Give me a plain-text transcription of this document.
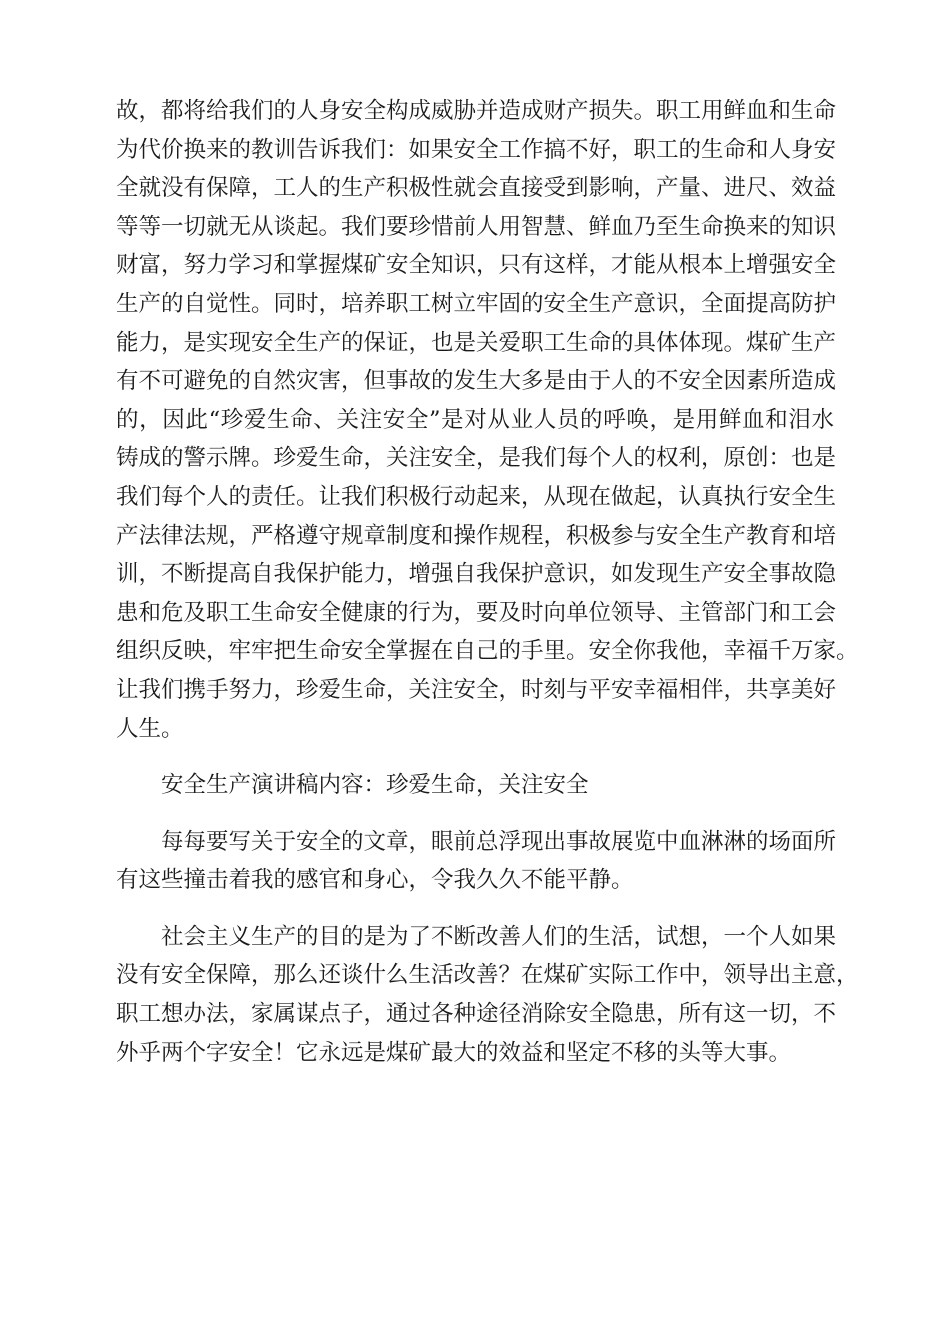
故，都将给我们的人身安全构成威胁并造成财产损失。职工用鲜血和生命
为代价换来的教训告诉我们：如果安全工作搞不好，职工的生命和人身安
全就没有保障，工人的生产积极性就会直接受到影响，产量、进尺、效益
等等一切就无从谈起。我们要珍惜前人用智慧、鲜血乃至生命换来的知识
财富，努力学习和掌握煤矿安全知识，只有这样，才能从根本上增强安全
生产的自觉性。同时，培养职工树立牢固的安全生产意识，全面提高防护
能力，是实现安全生产的保证，也是关爱职工生命的具体体现。煤矿生产
有不可避免的自然灾害，但事故的发生大多是由于人的不安全因素所造成
的，因此“珍爱生命、关注安全”是对从业人员的呼唤，是用鲜血和泪水
铸成的警示牌。珍爱生命，关注安全，是我们每个人的权利，原创：也是
我们每个人的责任。让我们积极行动起来，从现在做起，认真执行安全生
产法律法规，严格遵守规章制度和操作规程，积极参与安全生产教育和培
训，不断提高自我保护能力，增强自我保护意识，如发现生产安全事故隐
患和危及职工生命安全健康的行为，要及时向单位领导、主管部门和工会
组织反映，牢牢把生命安全掌握在自己的手里。安全你我他，幸福千万家。
让我们携手努力，珍爱生命，关注安全，时刻与平安幸福相伴，共享美好
人生。
安全生产演讲稿内容：珍爱生命，关注安全
每每要写关于安全的文章，眼前总浮现出事故展览中血淋淋的场面所
有这些撞击着我的感官和身心，令我久久不能平静。
社会主义生产的目的是为了不断改善人们的生活，试想，一个人如果
没有安全保障，那么还谈什么生活改善？在煤矿实际工作中，领导出主意，
职工想办法，家属谋点子，通过各种途径消除安全隐患，所有这一切，不
外乎两个字安全！它永远是煤矿最大的效益和坚定不移的头等大事。
